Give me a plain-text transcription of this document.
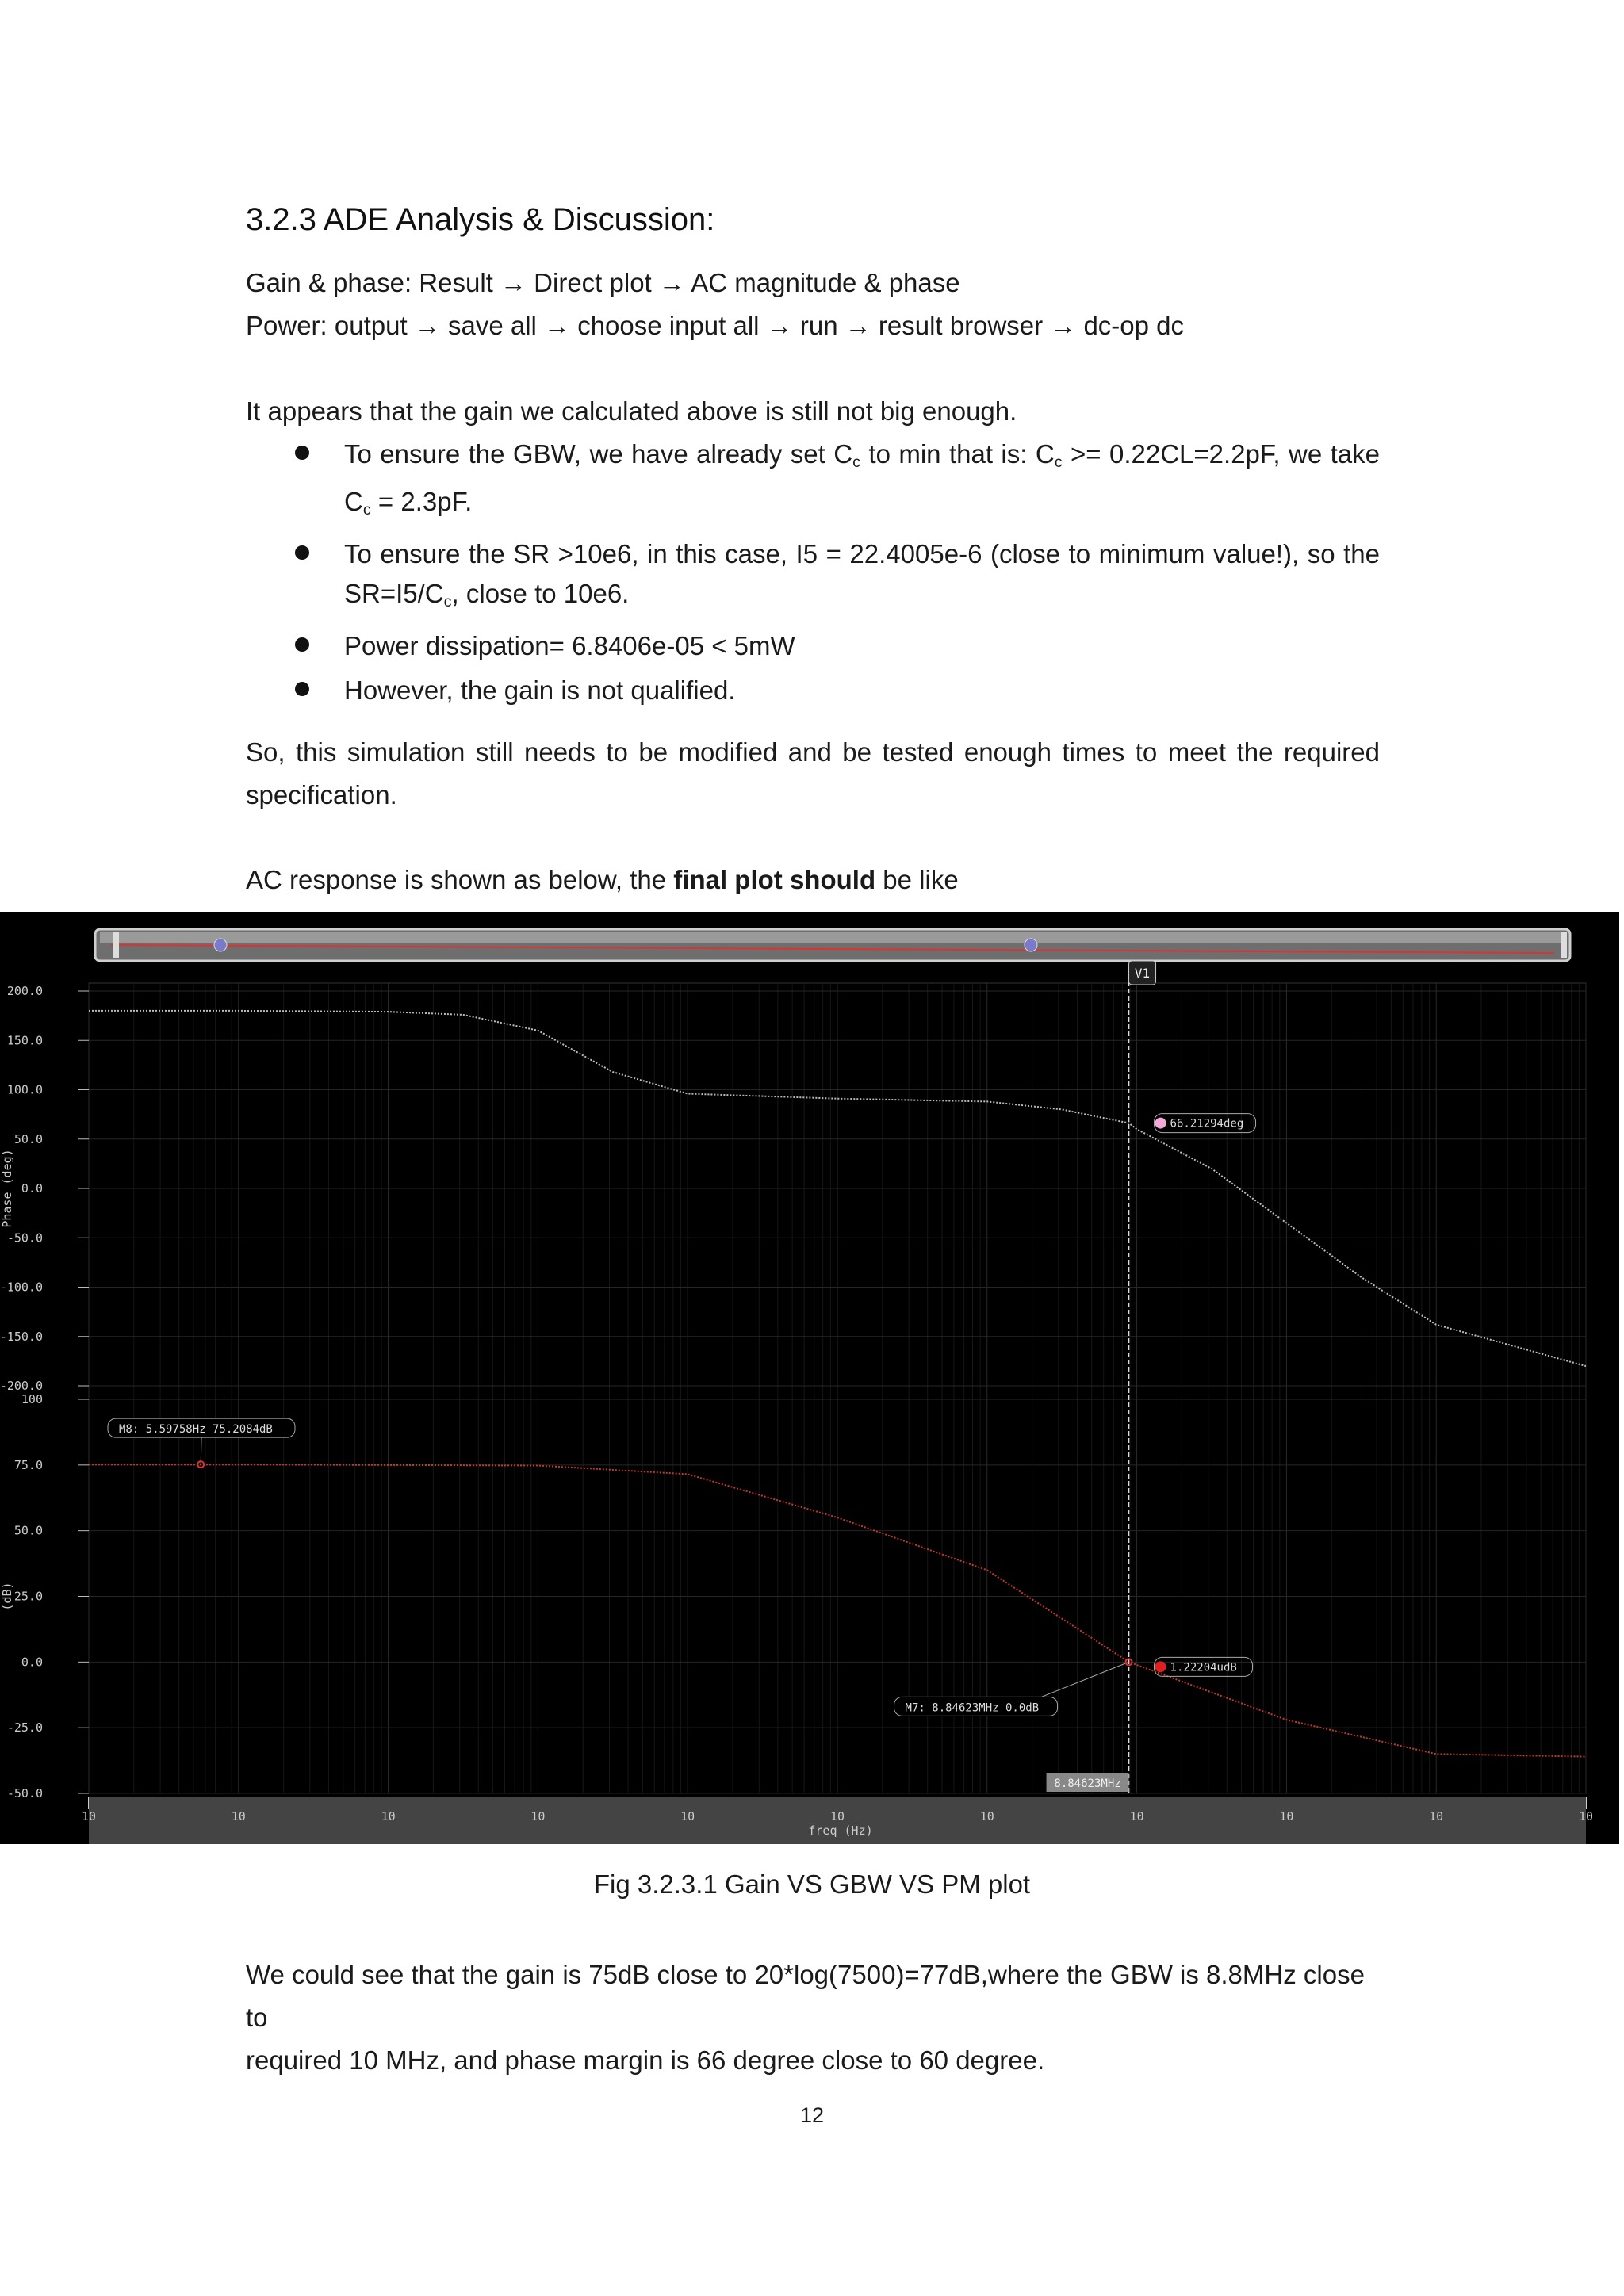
3.2.3 ADE Analysis & Discussion:

Gain & phase: Result → Direct plot → AC magnitude & phase

Power: output → save all → choose input all → run → result browser → dc-op dc

It appears that the gain we calculated above is still not big enough.

To ensure the GBW, we have already set $C_c$ to min that is: $C_c >= 0.22CL=2.2pF$, we take $C_c = 2.3pF$.
To ensure the SR >10e6, in this case, I5 = 22.4005e-6 (close to minimum value!), so the $SR=I5/C_c$, close to 10e6.
Power dissipation= 6.8406e-05 < 5mW
However, the gain is not qualified.

So, this simulation still needs to be modified and be tested enough times to meet the required specification.

AC response is shown as below, the final plot should be like

10	10	10	10	10	10	10	10	10	10	10
freq (Hz)
200.0
150.0
100.0
50.0
0.0
-50.0
-100.0
-150.0
-200.0
100
75.0
50.0
25.0
0.0
-25.0
-50.0
Phase (deg)
(dB)
V1
8.84623MHz
66.21294deg
M8: 5.59758Hz 75.2084dB
M7: 8.84623MHz 0.0dB
1.22204udB
Fig 3.2.3.1 Gain VS GBW VS PM plot

We could see that the gain is 75dB close to 20*log(7500)=77dB,where the GBW is 8.8MHz close to

required 10 MHz, and phase margin is 66 degree close to 60 degree.

12
